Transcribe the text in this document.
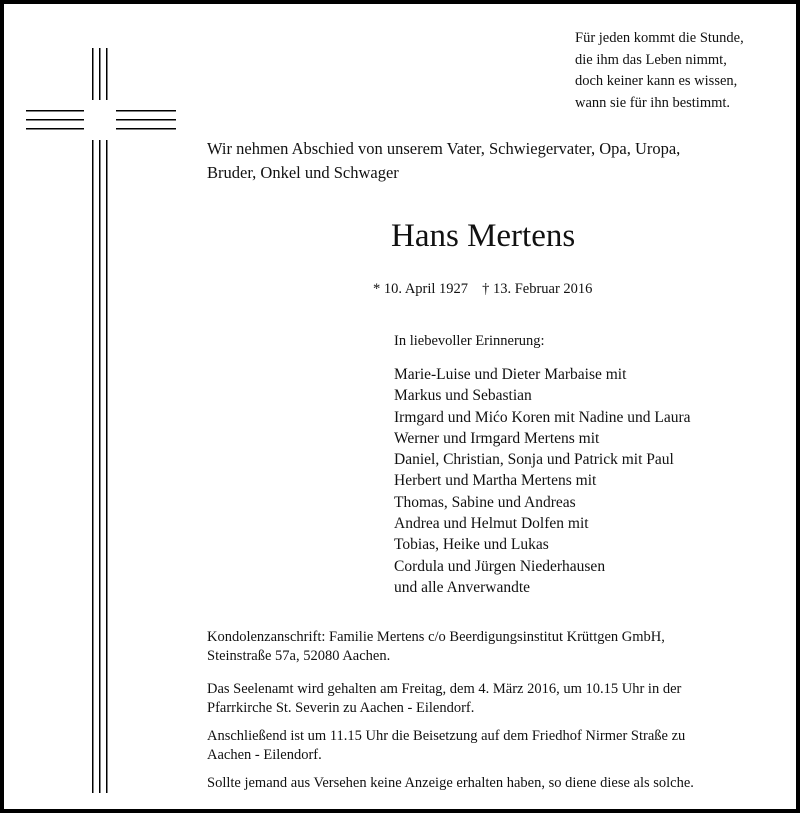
Für jeden kommt die Stunde,
die ihm das Leben nimmt,
doch keiner kann es wissen,
wann sie für ihn bestimmt.
Wir nehmen Abschied von unserem Vater, Schwiegervater, Opa, Uropa,
Bruder, Onkel und Schwager
Hans Mertens
* 10. April 1927 † 13. Februar 2016
In liebevoller Erinnerung:
Marie-Luise und Dieter Marbaise mit
Markus und Sebastian
Irmgard und Mićo Koren mit Nadine und Laura
Werner und Irmgard Mertens mit
Daniel, Christian, Sonja und Patrick mit Paul
Herbert und Martha Mertens mit
Thomas, Sabine und Andreas
Andrea und Helmut Dolfen mit
Tobias, Heike und Lukas
Cordula und Jürgen Niederhausen
und alle Anverwandte
Kondolenzanschrift: Familie Mertens c/o Beerdigungsinstitut Krüttgen GmbH,
Steinstraße 57a, 52080 Aachen.
Das Seelenamt wird gehalten am Freitag, dem 4. März 2016, um 10.15 Uhr in der
Pfarrkirche St. Severin zu Aachen - Eilendorf.
Anschließend ist um 11.15 Uhr die Beisetzung auf dem Friedhof Nirmer Straße zu
Aachen - Eilendorf.
Sollte jemand aus Versehen keine Anzeige erhalten haben, so diene diese als solche.
